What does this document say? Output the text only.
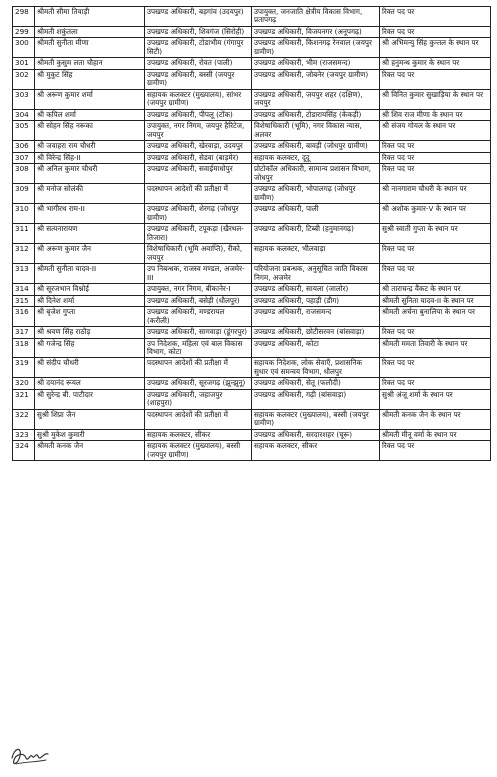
298	श्रीमती सीमा तिवाड़ी	उपखण्ड अधिकारी, बड़गांव (उदयपुर)	उपायुक्त, जनजाति क्षेत्रीय विकास विभाग, प्रतापगढ़	रिक्त पद पर
299	श्रीमती शकुंतला	उपखण्ड अधिकारी, शिवगंज (सिरोही)	उपखण्ड अधिकारी, विजयनगर (अनूपगढ़)	रिक्त पद पर
300	श्रीमती सुनीता मीणा	उपखण्ड अधिकारी, टोडाभीम (गंगापुर सिटी)	उपखण्ड अधिकारी, किशनगढ़ रेनवाल (जयपुर ग्रामीण)	श्री अभिमन्यु सिंह कुन्तल के स्थान पर
301	श्रीमती कुसुम लता चौहान	उपखण्ड अधिकारी, रोवत (पाली)	उपखण्ड अधिकारी, भीम (राजसमन्द)	श्री हनुमन्थ कुमार के स्थान पर
302	श्री मुकुट सिंह	उपखण्ड अधिकारी, बस्सी (जयपुर ग्रामीण)	उपखण्ड अधिकारी, जोबनेर (जयपुर ग्रामीण)	रिक्त पद पर
303	श्री अरूण कुमार शर्मा	सहायक कलक्टर (मुख्यालय), सांभर (जयपुर ग्रामीण)	उपखण्ड अधिकारी, जयपुर शहर (दक्षिण), जयपुर	श्री विनित कुमार सुखाड़िया के स्थान पर
304	श्री कपिल शर्मा	उपखण्ड अधिकारी, पीपलू (टोंक)	उपखण्ड अधिकारी, टोडारायसिंह (केकड़ी)	श्री शिव राज मीणा के स्थान पर
305	श्री सोहन सिंह नरूका	उपायुक्त, नगर निगम, जयपुर हैरिटेज, जयपुर	विशेषाधिकारी (भूमि), नगर विकास न्यास, अलवर	श्री संजय गोयल के स्थान पर
306	श्री जवाहरा राम चौधरी	उपखण्ड अधिकारी, खेरवाड़ा, उदयपुर	उपखण्ड अधिकारी, बावड़ी (जोधपुर ग्रामीण)	रिक्त पद पर
307	श्री विरेन्द्र सिंह-II	उपखण्ड अधिकारी, सेडवा (बाड़मेर)	सहायक कलक्टर, दूदू	रिक्त पद पर
308	श्री अनिल कुमार चौधरी	उपखण्ड अधिकारी, सवाईमाधोपुर	प्रोटोकॉल अधिकारी, सामान्य प्रशासन विभाग, जोधपुर	रिक्त पद पर
309	श्री मनोज सोलंकी	पदस्थापन आदेशों की प्रतीक्षा में	उपखण्ड अधिकारी, भोपालगढ़ (जोधपुर ग्रामीण)	श्री नानगाराम चौधरी के स्थान पर
310	श्री भागीरथ राम-II	उपखण्ड अधिकारी, शेरगढ़ (जोधपुर ग्रामीण)	उपखण्ड अधिकारी, पाली	श्री अशोक कुमार-V के स्थान पर
311	श्री सत्यनारायण	उपखण्ड अधिकारी, टपूकड़ा (खैरथल-तिजारा)	उपखण्ड अधिकारी, टिब्बी (हनुमानगढ़)	सुश्री स्वाती गुप्ता के स्थान पर
312	श्री अरूण कुमार जैन	विशेषाधिकारी (भूमि अवाप्ति), रीको, जयपुर	सहायक कलक्टर, भीलवाड़ा	रिक्त पद पर
313	श्रीमती सुनीता यादव-II	उप निबन्धक, राजस्व मण्डल, अजमेर-III	परियोजना प्रबन्धक, अनुसूचित जाति विकास निगम, अजमेर	रिक्त पद पर
314	श्री सूरजभान विश्नोई	उपायुक्त, नगर निगम, बीकानेर-I	उपखण्ड अधिकारी, सायला (जालोर)	श्री ताराचन्द्र वैंकट के स्थान पर
315	श्री दिनेश शर्मा	उपखण्ड अधिकारी, बसेड़ी (धौलपुर)	उपखण्ड अधिकारी, पहाड़ी (डीग)	श्रीमती सुनिता यादव-II के स्थान पर
316	श्री बृजेश गुप्ता	उपखण्ड अधिकारी, मण्डरायल (करौली)	उपखण्ड अधिकारी, राजसमन्द	श्रीमती अर्चना बुनालिया के स्थान पर
317	श्री श्रवण सिंह राठौड़	उपखण्ड अधिकारी, सागवाड़ा (डूंगरपुर)	उपखण्ड अधिकारी, छोटीसरवन (बांसवाड़ा)	रिक्त पद पर
318	श्री गजेन्द्र सिंह	उप निदेशक, महिला एवं बाल विकास विभाग, कोटा	उपखण्ड अधिकारी, कोटा	श्रीमती ममता तिवारी के स्थान पर
319	श्री संदीप चौधरी	पदस्थापन आदेशों की प्रतीक्षा में	सहायक निदेशक, लोक सेवाएँ, प्रशासनिक सुधार एवं समन्वय विभाग, धौलपुर	रिक्त पद पर
320	श्री दयानंद रूयल	उपखण्ड अधिकारी, सूरजगढ़ (झुन्झुनू)	उपखण्ड अधिकारी, सेतू (फलौदी)	रिक्त पद पर
321	श्री सुरेन्द्र बी. पाटीदार	उपखण्ड अधिकारी, जहाजपुर (शाहपुरा)	उपखण्ड अधिकारी, गढ़ी (बांसवाड़ा)	सुश्री अंजू शर्मा के स्थान पर
322	सुश्री शिप्रा जैन	पदस्थापन आदेशों की प्रतीक्षा में	सहायक कलक्टर (मुख्यालय), बस्सी (जयपुर ग्रामीण)	श्रीमती कनक जैन के स्थान पर
323	सुश्री मुकेश कुमारी	सहायक कलक्टर, सीकर	उपखण्ड अधिकारी, सरदारशहर (चूरू)	श्रीमती मीनू वर्मा के स्थान पर
324	श्रीमती कनक जैन	सहायक कलक्टर (मुख्यालय), बस्सी (जयपुर ग्रामीण)	सहायक कलक्टर, सीकर	रिक्त पद पर
